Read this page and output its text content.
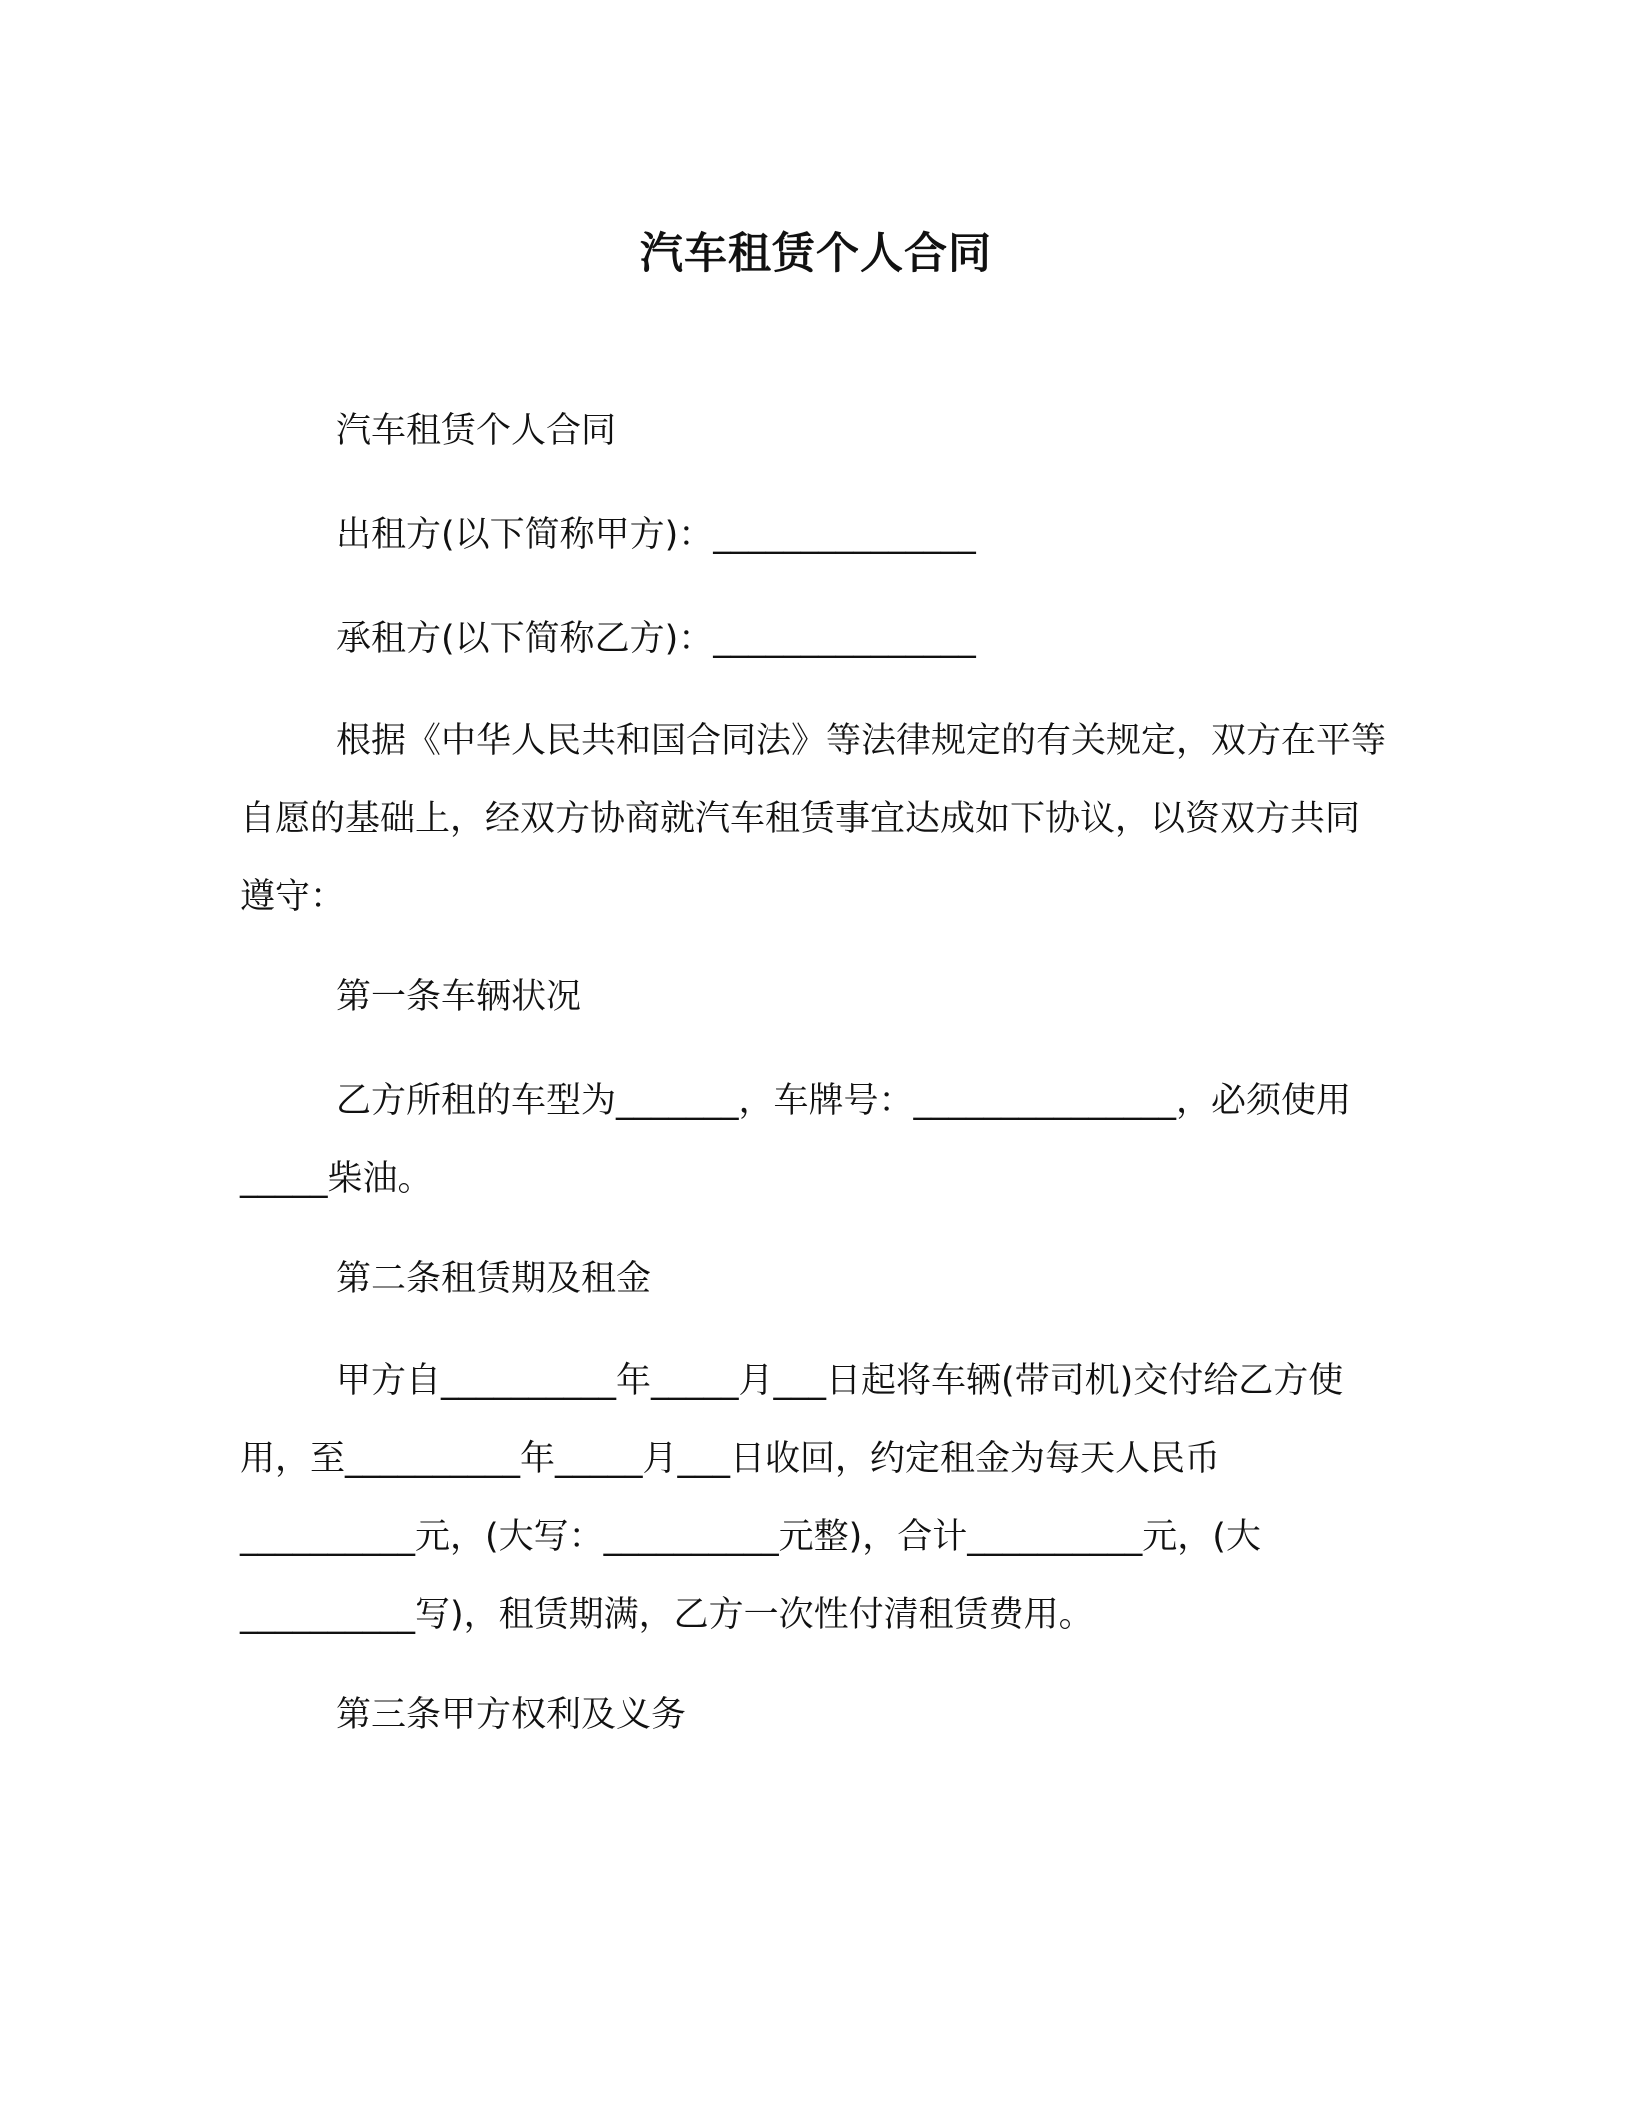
汽车租赁个人合同
汽车租赁个人合同
出租方(以下简称甲方)：_______________
承租方(以下简称乙方)：_______________
根据《中华人民共和国合同法》等法律规定的有关规定，双方在平等自愿的基础上，经双方协商就汽车租赁事宜达成如下协议，以资双方共同遵守：
第一条车辆状况
乙方所租的车型为_______，车牌号：_______________，必须使用_____柴油。
第二条租赁期及租金
甲方自__________年_____月___日起将车辆(带司机)交付给乙方使用，至__________年_____月___日收回，约定租金为每天人民币__________元，(大写：__________元整)，合计__________元，(大__________写)，租赁期满，乙方一次性付清租赁费用。
第三条甲方权利及义务
